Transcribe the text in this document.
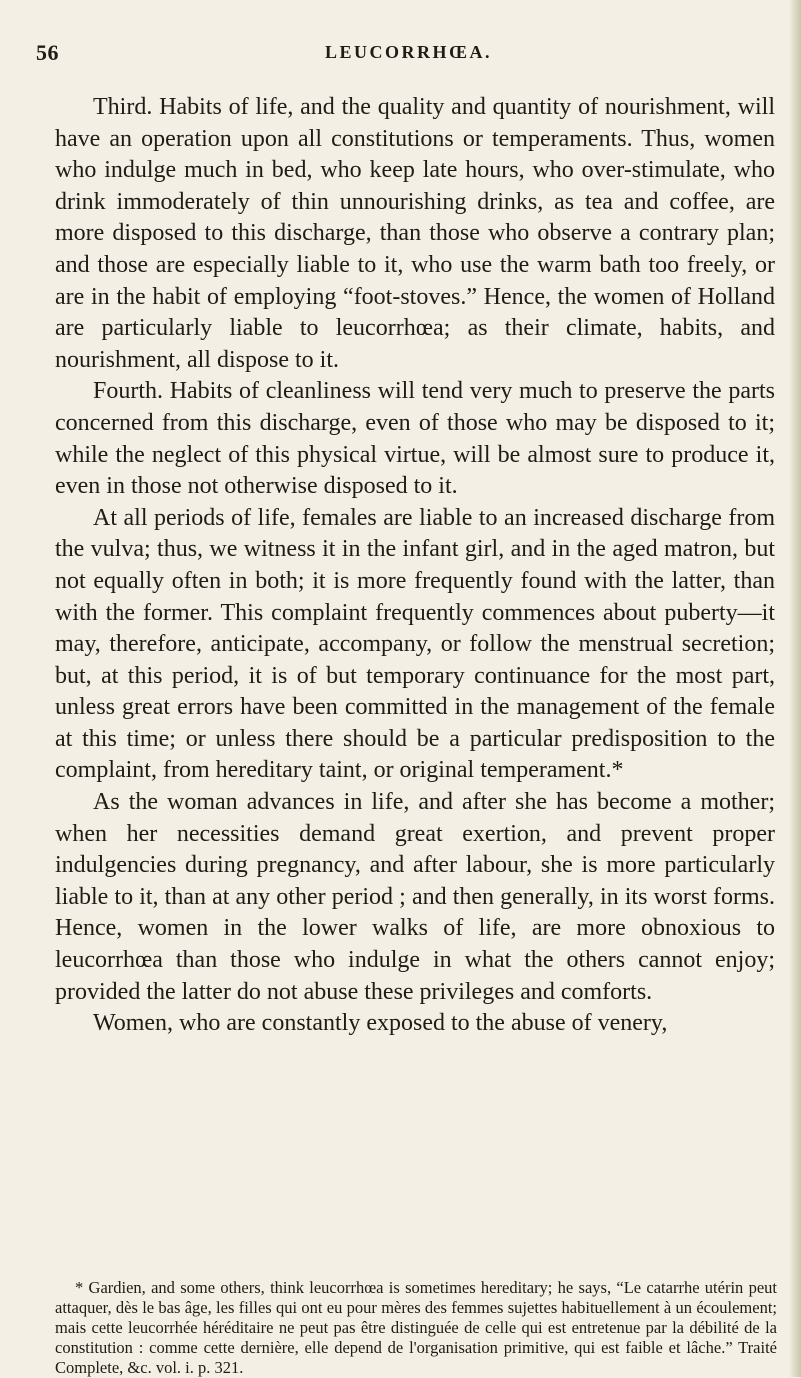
56	LEUCORRHŒA.

Third. Habits of life, and the quality and quantity of nourishment, will have an operation upon all constitutions or temperaments. Thus, women who indulge much in bed, who keep late hours, who over-stimulate, who drink immoderately of thin unnourishing drinks, as tea and coffee, are more disposed to this discharge, than those who observe a contrary plan; and those are especially liable to it, who use the warm bath too freely, or are in the habit of employing “foot-stoves.” Hence, the women of Holland are particularly liable to leucorrhœa; as their climate, habits, and nourishment, all dispose to it.

Fourth. Habits of cleanliness will tend very much to preserve the parts concerned from this discharge, even of those who may be disposed to it; while the neglect of this physical virtue, will be almost sure to produce it, even in those not otherwise disposed to it.

At all periods of life, females are liable to an increased discharge from the vulva; thus, we witness it in the infant girl, and in the aged matron, but not equally often in both; it is more frequently found with the latter, than with the former. This complaint frequently commences about puberty—it may, therefore, anticipate, accompany, or follow the menstrual secretion; but, at this period, it is of but temporary continuance for the most part, unless great errors have been committed in the management of the female at this time; or unless there should be a particular predisposition to the complaint, from hereditary taint, or original temperament.*

As the woman advances in life, and after she has become a mother; when her necessities demand great exertion, and prevent proper indulgencies during pregnancy, and after labour, she is more particularly liable to it, than at any other period ; and then generally, in its worst forms. Hence, women in the lower walks of life, are more obnoxious to leucorrhœa than those who indulge in what the others cannot enjoy; provided the latter do not abuse these privileges and comforts.

Women, who are constantly exposed to the abuse of venery,

* Gardien, and some others, think leucorrhœa is sometimes hereditary; he says, “Le catarrhe utérin peut attaquer, dès le bas âge, les filles qui ont eu pour mères des femmes sujettes habituellement à un écoulement; mais cette leucorrhée héréditaire ne peut pas être distinguée de celle qui est entretenue par la débilité de la constitution : comme cette dernière, elle depend de l'organisation primitive, qui est faible et lâche.” Traité Complete, &c. vol. i. p. 321.
